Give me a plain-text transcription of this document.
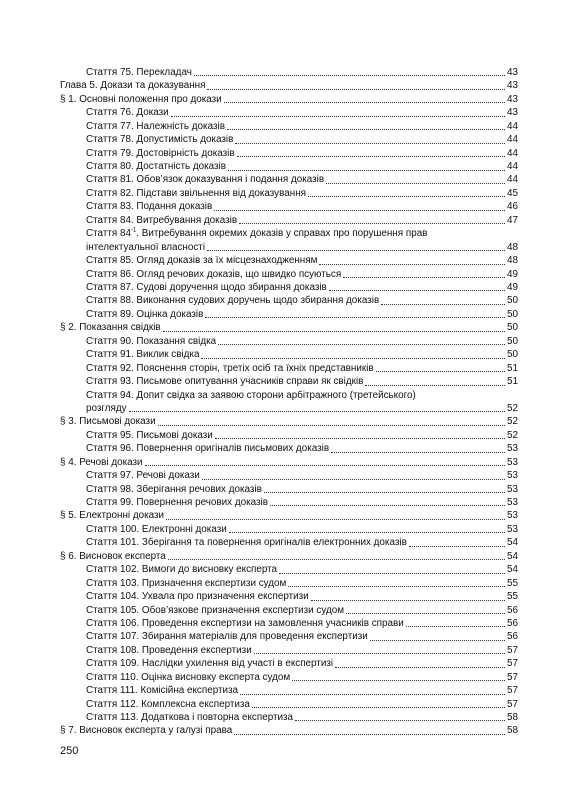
Стаття 75. Перекладач	43
Глава 5. Докази та доказування	43
§ 1. Основні положення про докази	43
Стаття 76. Докази	43
Стаття 77. Належність доказів	44
Стаття 78. Допустимість доказів	44
Стаття 79. Достовірність доказів	44
Стаття 80. Достатність доказів	44
Стаття 81. Обов’язок доказування і подання доказів	44
Стаття 82. Підстави звільнення від доказування	45
Стаття 83. Подання доказів	46
Стаття 84. Витребування доказів	47
Стаття $84^{-1}$. Витребування окремих доказів у справах про порушення прав
інтелектуальної власності	48
Стаття 85. Огляд доказів за їх місцезнаходженням	48
Стаття 86. Огляд речових доказів, що швидко псуються	49
Стаття 87. Судові доручення щодо збирання доказів	49
Стаття 88. Виконання судових доручень щодо збирання доказів	50
Стаття 89. Оцінка доказів	50
§ 2. Показання свідків	50
Стаття 90. Показання свідка	50
Стаття 91. Виклик свідка	50
Стаття 92. Пояснення сторін, третіх осіб та їхніх представників	51
Стаття 93. Письмове опитування учасників справи як свідків	51
Стаття 94. Допит свідка за заявою сторони арбітражного (третейського)
розгляду	52
§ 3. Письмові докази	52
Стаття 95. Письмові докази	52
Стаття 96. Повернення оригіналів письмових доказів	53
§ 4. Речові докази	53
Стаття 97. Речові докази	53
Стаття 98. Зберігання речових доказів	53
Стаття 99. Повернення речових доказів	53
§ 5. Електронні докази	53
Стаття 100. Електронні докази	53
Стаття 101. Зберігання та повернення оригіналів електронних доказів	54
§ 6. Висновок експерта	54
Стаття 102. Вимоги до висновку експерта	54
Стаття 103. Призначення експертизи судом	55
Стаття 104. Ухвала про призначення експертизи	55
Стаття 105. Обов’язкове призначення експертизи судом	56
Стаття 106. Проведення експертизи на замовлення учасників справи	56
Стаття 107. Збирання матеріалів для проведення експертизи	56
Стаття 108. Проведення експертизи	57
Стаття 109. Наслідки ухилення від участі в експертизі	57
Стаття 110. Оцінка висновку експерта судом	57
Стаття 111. Комісійна експертиза	57
Стаття 112. Комплексна експертиза	57
Стаття 113. Додаткова і повторна експертиза	58
§ 7. Висновок експерта у галузі права	58
250
